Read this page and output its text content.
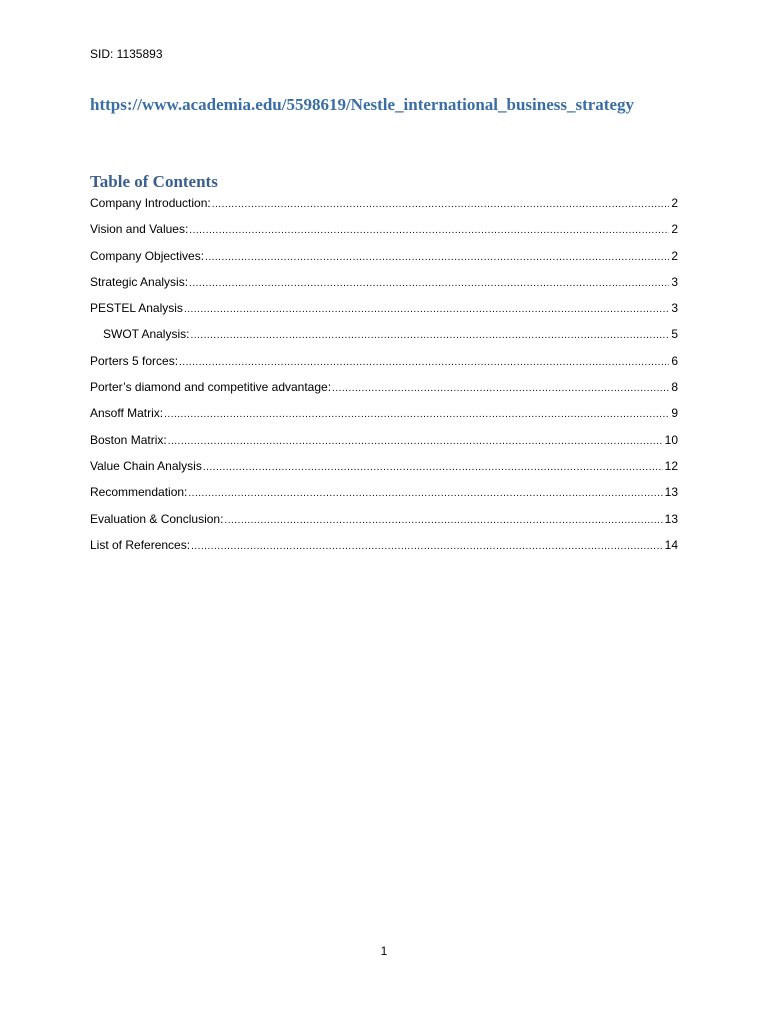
SID: 1135893
https://www.academia.edu/5598619/Nestle_international_business_strategy
Table of Contents
Company Introduction: .....	2
Vision and Values: .....	2
Company Objectives: .....	2
Strategic Analysis: .....	3
PESTEL Analysis .....	3
SWOT Analysis: .....	5
Porters 5 forces: .....	6
Porter’s diamond and competitive advantage: .....	8
Ansoff Matrix: .....	9
Boston Matrix: .....	10
Value Chain Analysis .....	12
Recommendation: .....	13
Evaluation & Conclusion: .....	13
List of References: .....	14
1
